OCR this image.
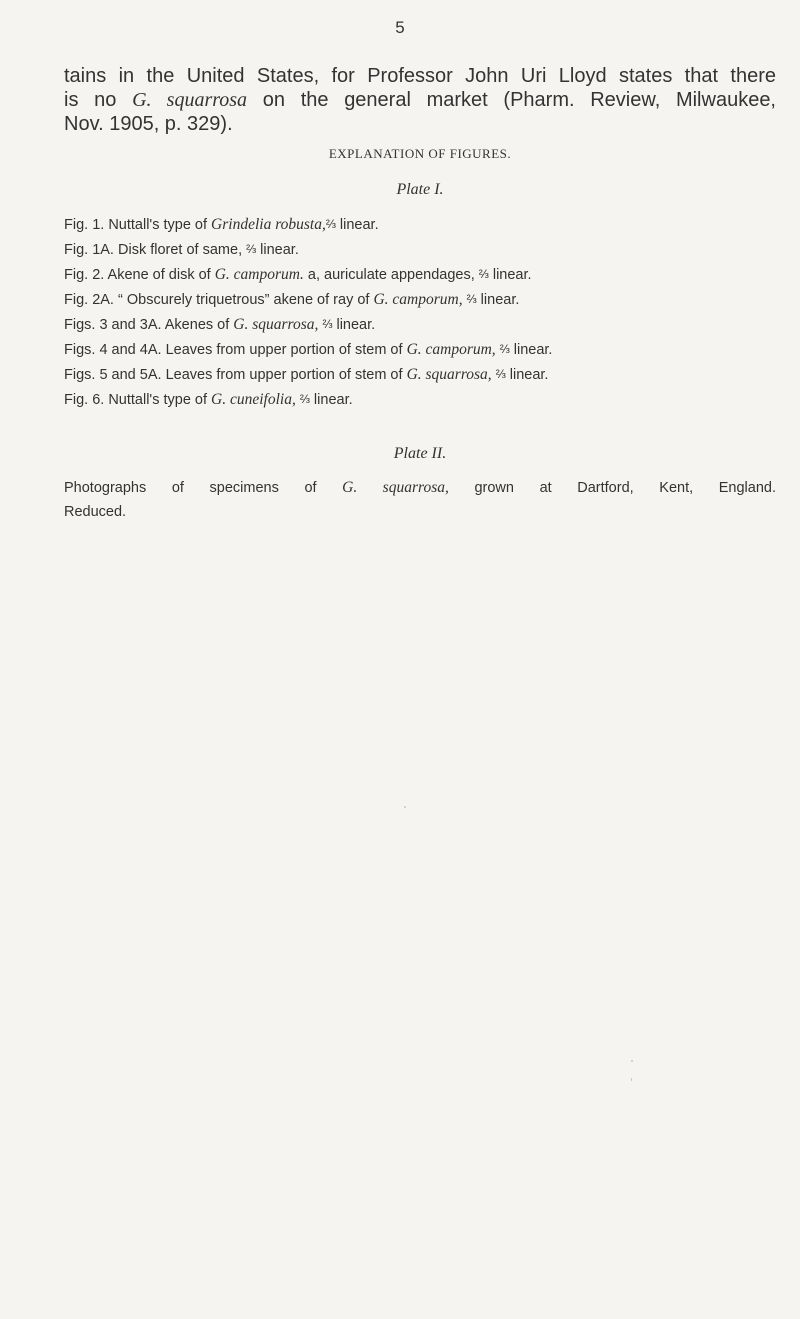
5
tains in the United States, for Professor John Uri Lloyd states that there
is no G. squarrosa on the general market (Pharm. Review, Milwaukee,
Nov. 1905, p. 329).
EXPLANATION OF FIGURES.
Plate I.
Fig. 1. Nuttall's type of Grindelia robusta,⅔ linear.
Fig. 1A. Disk floret of same, ⅔ linear.
Fig. 2. Akene of disk of G. camporum. a, auriculate appendages, ⅔ linear.
Fig. 2A. “ Obscurely triquetrous” akene of ray of G. camporum, ⅔ linear.
Figs. 3 and 3A. Akenes of G. squarrosa, ⅔ linear.
Figs. 4 and 4A. Leaves from upper portion of stem of G. camporum, ⅔ linear.
Figs. 5 and 5A. Leaves from upper portion of stem of G. squarrosa, ⅔ linear.
Fig. 6. Nuttall's type of G. cuneifolia, ⅔ linear.
Plate II.
Photographs of specimens of G. squarrosa, grown at Dartford, Kent, England.
Reduced.
